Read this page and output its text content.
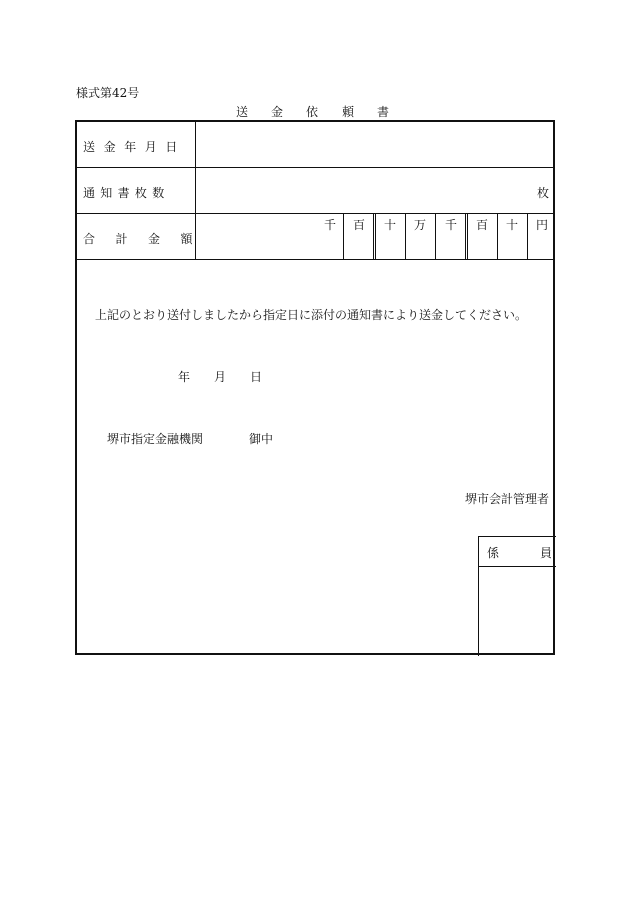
様式第42号
送 金 依 頼 書
送金年月日
通知書枚数	枚
合計金額
千	百	十	万	千	百	十	円
上記のとおり送付しましたから指定日に添付の通知書により送金してください。
年 月 日
堺市指定金融機関	御中
堺市会計管理者
係	員
